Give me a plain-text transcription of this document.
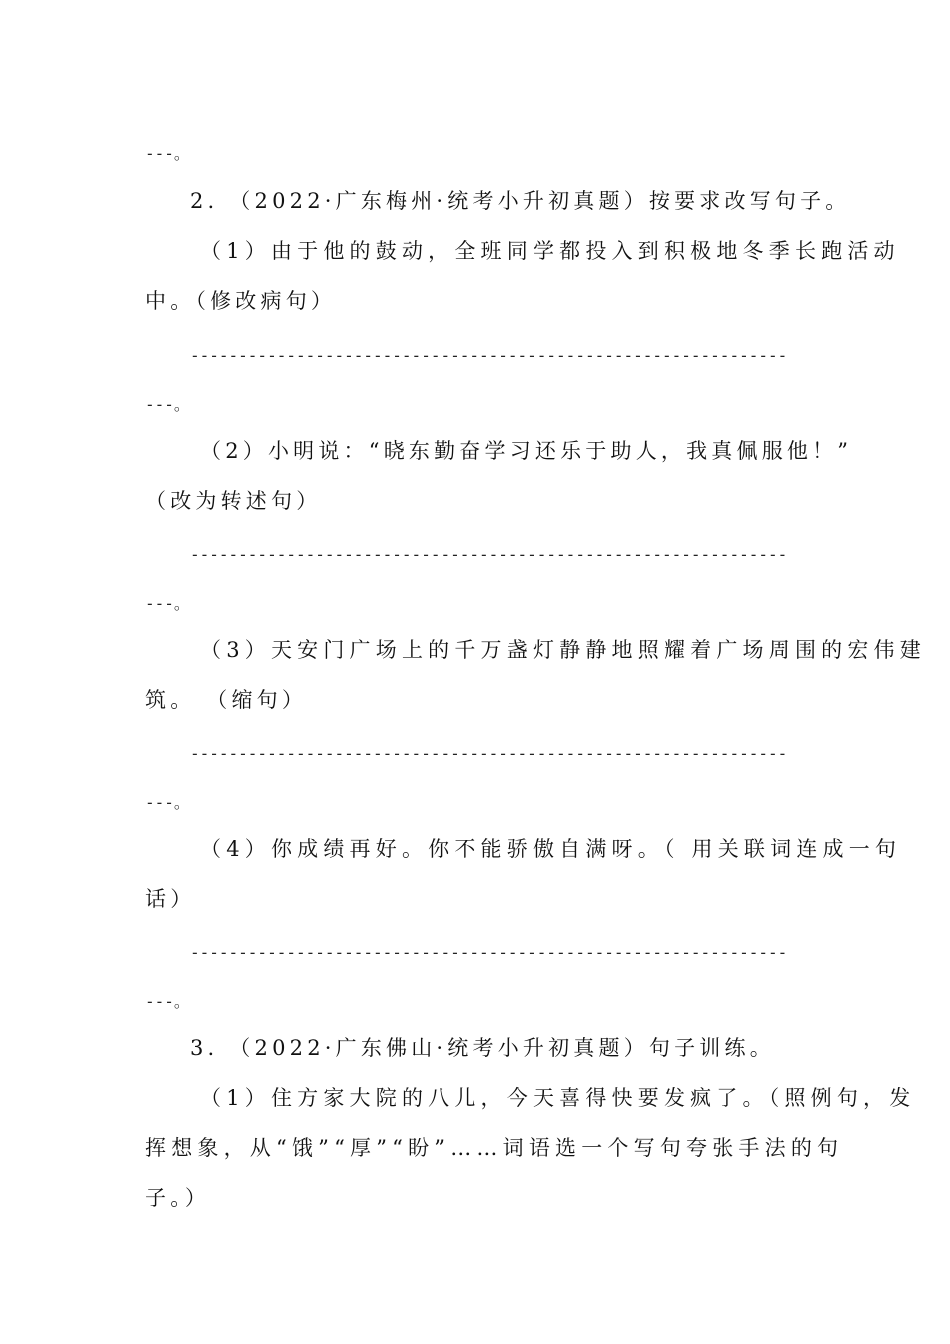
---。
2. （2022·广东梅州·统考小升初真题）按要求改写句子。
（1）由于他的鼓动，全班同学都投入到积极地冬季长跑活动
中。（修改病句）
--------------------------------------------------------------
---。
（2）小明说：“晓东勤奋学习还乐于助人，我真佩服他！”
（改为转述句）
--------------------------------------------------------------
---。
（3）天安门广场上的千万盏灯静静地照耀着广场周围的宏伟建
筑。 （缩句）
--------------------------------------------------------------
---。
（4）你成绩再好。你不能骄傲自满呀。（ 用关联词连成一句
话）
--------------------------------------------------------------
---。
3. （2022·广东佛山·统考小升初真题）句子训练。
（1）住方家大院的八儿，今天喜得快要发疯了。（照例句，发
挥想象，从“饿”“厚”“盼”……词语选一个写句夸张手法的句
子。）
